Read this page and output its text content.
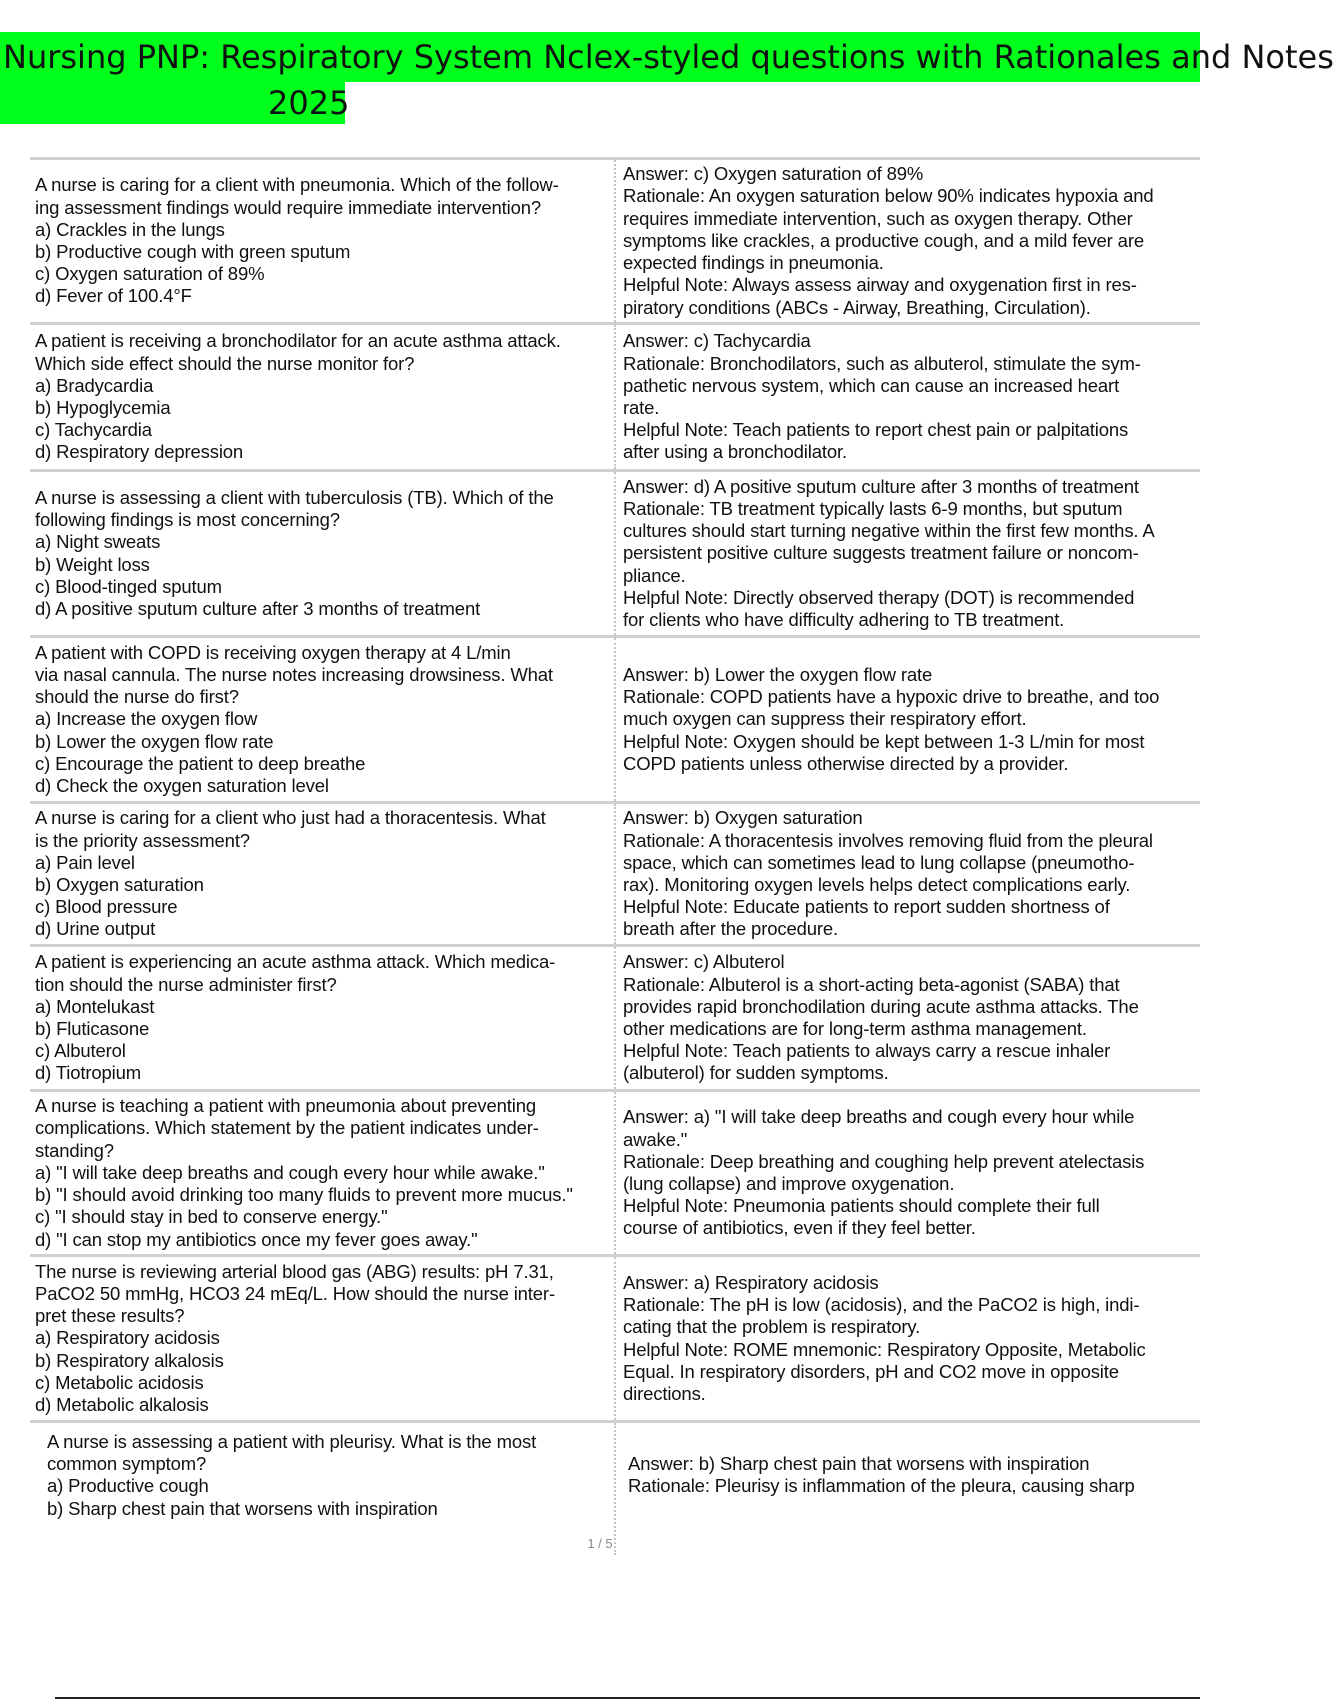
Nursing PNP: Respiratory System Nclex-styled questions with Rationales and Notes
2025
A nurse is caring for a client with pneumonia. Which of the follow-
ing assessment findings would require immediate intervention?
a) Crackles in the lungs
b) Productive cough with green sputum
c) Oxygen saturation of 89%
d) Fever of 100.4°F
Answer: c) Oxygen saturation of 89%
Rationale: An oxygen saturation below 90% indicates hypoxia and
requires immediate intervention, such as oxygen therapy. Other
symptoms like crackles, a productive cough, and a mild fever are
expected findings in pneumonia.
Helpful Note: Always assess airway and oxygenation first in res-
piratory conditions (ABCs - Airway, Breathing, Circulation).
A patient is receiving a bronchodilator for an acute asthma attack.
Which side effect should the nurse monitor for?
a) Bradycardia
b) Hypoglycemia
c) Tachycardia
d) Respiratory depression
Answer: c) Tachycardia
Rationale: Bronchodilators, such as albuterol, stimulate the sym-
pathetic nervous system, which can cause an increased heart
rate.
Helpful Note: Teach patients to report chest pain or palpitations
after using a bronchodilator.
A nurse is assessing a client with tuberculosis (TB). Which of the
following findings is most concerning?
a) Night sweats
b) Weight loss
c) Blood-tinged sputum
d) A positive sputum culture after 3 months of treatment
Answer: d) A positive sputum culture after 3 months of treatment
Rationale: TB treatment typically lasts 6-9 months, but sputum
cultures should start turning negative within the first few months. A
persistent positive culture suggests treatment failure or noncom-
pliance.
Helpful Note: Directly observed therapy (DOT) is recommended
for clients who have difficulty adhering to TB treatment.
A patient with COPD is receiving oxygen therapy at 4 L/min
via nasal cannula. The nurse notes increasing drowsiness. What
should the nurse do first?
a) Increase the oxygen flow
b) Lower the oxygen flow rate
c) Encourage the patient to deep breathe
d) Check the oxygen saturation level
Answer: b) Lower the oxygen flow rate
Rationale: COPD patients have a hypoxic drive to breathe, and too
much oxygen can suppress their respiratory effort.
Helpful Note: Oxygen should be kept between 1-3 L/min for most
COPD patients unless otherwise directed by a provider.
A nurse is caring for a client who just had a thoracentesis. What
is the priority assessment?
a) Pain level
b) Oxygen saturation
c) Blood pressure
d) Urine output
Answer: b) Oxygen saturation
Rationale: A thoracentesis involves removing fluid from the pleural
space, which can sometimes lead to lung collapse (pneumotho-
rax). Monitoring oxygen levels helps detect complications early.
Helpful Note: Educate patients to report sudden shortness of
breath after the procedure.
A patient is experiencing an acute asthma attack. Which medica-
tion should the nurse administer first?
a) Montelukast
b) Fluticasone
c) Albuterol
d) Tiotropium
Answer: c) Albuterol
Rationale: Albuterol is a short-acting beta-agonist (SABA) that
provides rapid bronchodilation during acute asthma attacks. The
other medications are for long-term asthma management.
Helpful Note: Teach patients to always carry a rescue inhaler
(albuterol) for sudden symptoms.
A nurse is teaching a patient with pneumonia about preventing
complications. Which statement by the patient indicates under-
standing?
a) "I will take deep breaths and cough every hour while awake."
b) "I should avoid drinking too many fluids to prevent more mucus."
c) "I should stay in bed to conserve energy."
d) "I can stop my antibiotics once my fever goes away."
Answer: a) "I will take deep breaths and cough every hour while
awake."
Rationale: Deep breathing and coughing help prevent atelectasis
(lung collapse) and improve oxygenation.
Helpful Note: Pneumonia patients should complete their full
course of antibiotics, even if they feel better.
The nurse is reviewing arterial blood gas (ABG) results: pH 7.31,
PaCO2 50 mmHg, HCO3 24 mEq/L. How should the nurse inter-
pret these results?
a) Respiratory acidosis
b) Respiratory alkalosis
c) Metabolic acidosis
d) Metabolic alkalosis
Answer: a) Respiratory acidosis
Rationale: The pH is low (acidosis), and the PaCO2 is high, indi-
cating that the problem is respiratory.
Helpful Note: ROME mnemonic: Respiratory Opposite, Metabolic
Equal. In respiratory disorders, pH and CO2 move in opposite
directions.
A nurse is assessing a patient with pleurisy. What is the most
common symptom?
a) Productive cough
b) Sharp chest pain that worsens with inspiration
Answer: b) Sharp chest pain that worsens with inspiration
Rationale: Pleurisy is inflammation of the pleura, causing sharp
1 / 5
